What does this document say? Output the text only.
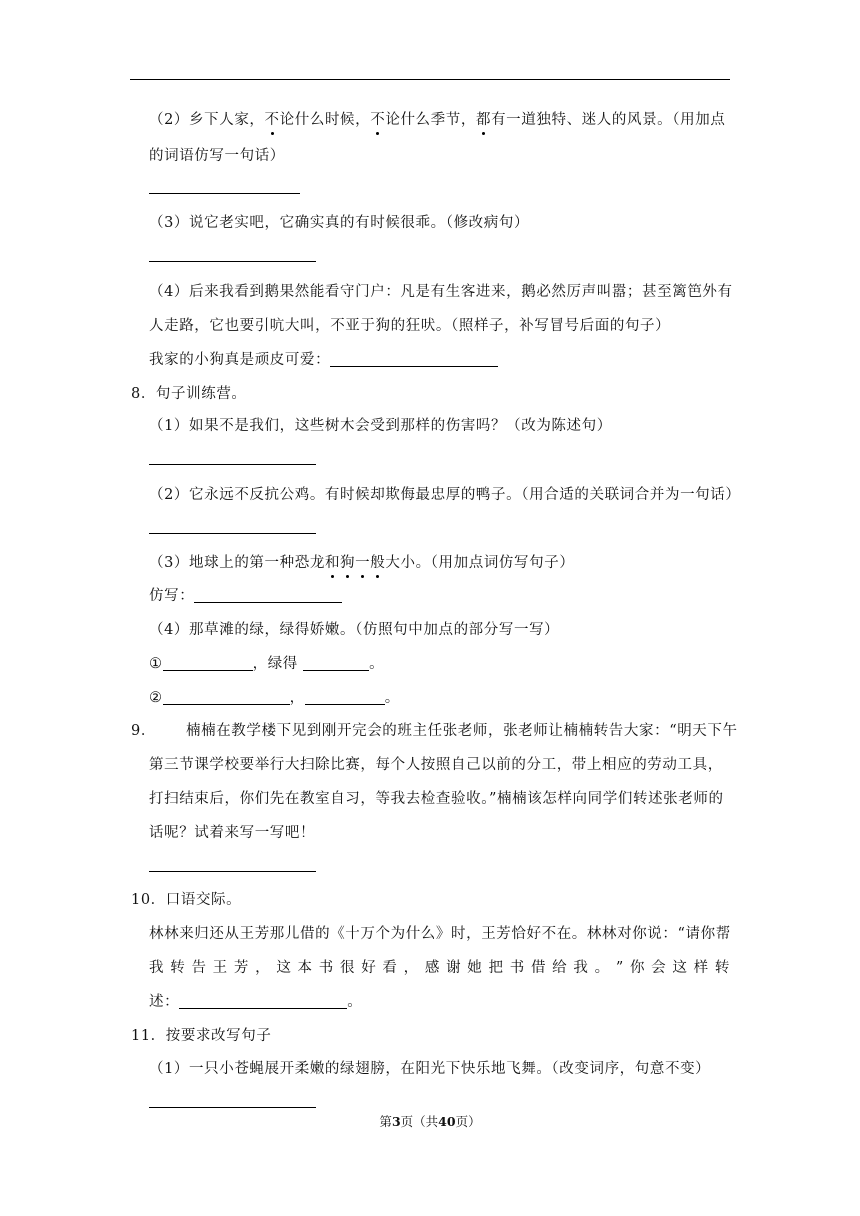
（2）乡下人家，不论什么时候，不论什么季节，都有一道独特、迷人的风景。（用加点
的词语仿写一句话）
（3）说它老实吧，它确实真的有时候很乖。（修改病句）
（4）后来我看到鹅果然能看守门户：凡是有生客进来，鹅必然厉声叫嚣；甚至篱笆外有
人走路，它也要引吭大叫，不亚于狗的狂吠。（照样子，补写冒号后面的句子）
我家的小狗真是顽皮可爱：
8．句子训练营。
（1）如果不是我们，这些树木会受到那样的伤害吗？（改为陈述句）
（2）它永远不反抗公鸡。有时候却欺侮最忠厚的鸭子。（用合适的关联词合并为一句话）
（3）地球上的第一种恐龙和狗一般大小。（用加点词仿写句子）
仿写：
（4）那草滩的绿，绿得娇嫩。（仿照句中加点的部分写一写）
①	，绿得	。
②	，	。
9． 楠楠在教学楼下见到刚开完会的班主任张老师，张老师让楠楠转告大家：“明天下午
第三节课学校要举行大扫除比赛，每个人按照自己以前的分工，带上相应的劳动工具，
打扫结束后，你们先在教室自习，等我去检查验收。”楠楠该怎样向同学们转述张老师的
话呢？试着来写一写吧！
10．口语交际。
林林来归还从王芳那儿借的《十万个为什么》时，王芳恰好不在。林林对你说：“请你帮
我 转 告 王 芳 ， 这 本 书 很 好 看 ， 感 谢 她 把 书 借 给 我 。 ” 你 会 这 样 转
述：	。
11．按要求改写句子
（1）一只小苍蝇展开柔嫩的绿翅膀，在阳光下快乐地飞舞。（改变词序，句意不变）
第3页（共40页）
